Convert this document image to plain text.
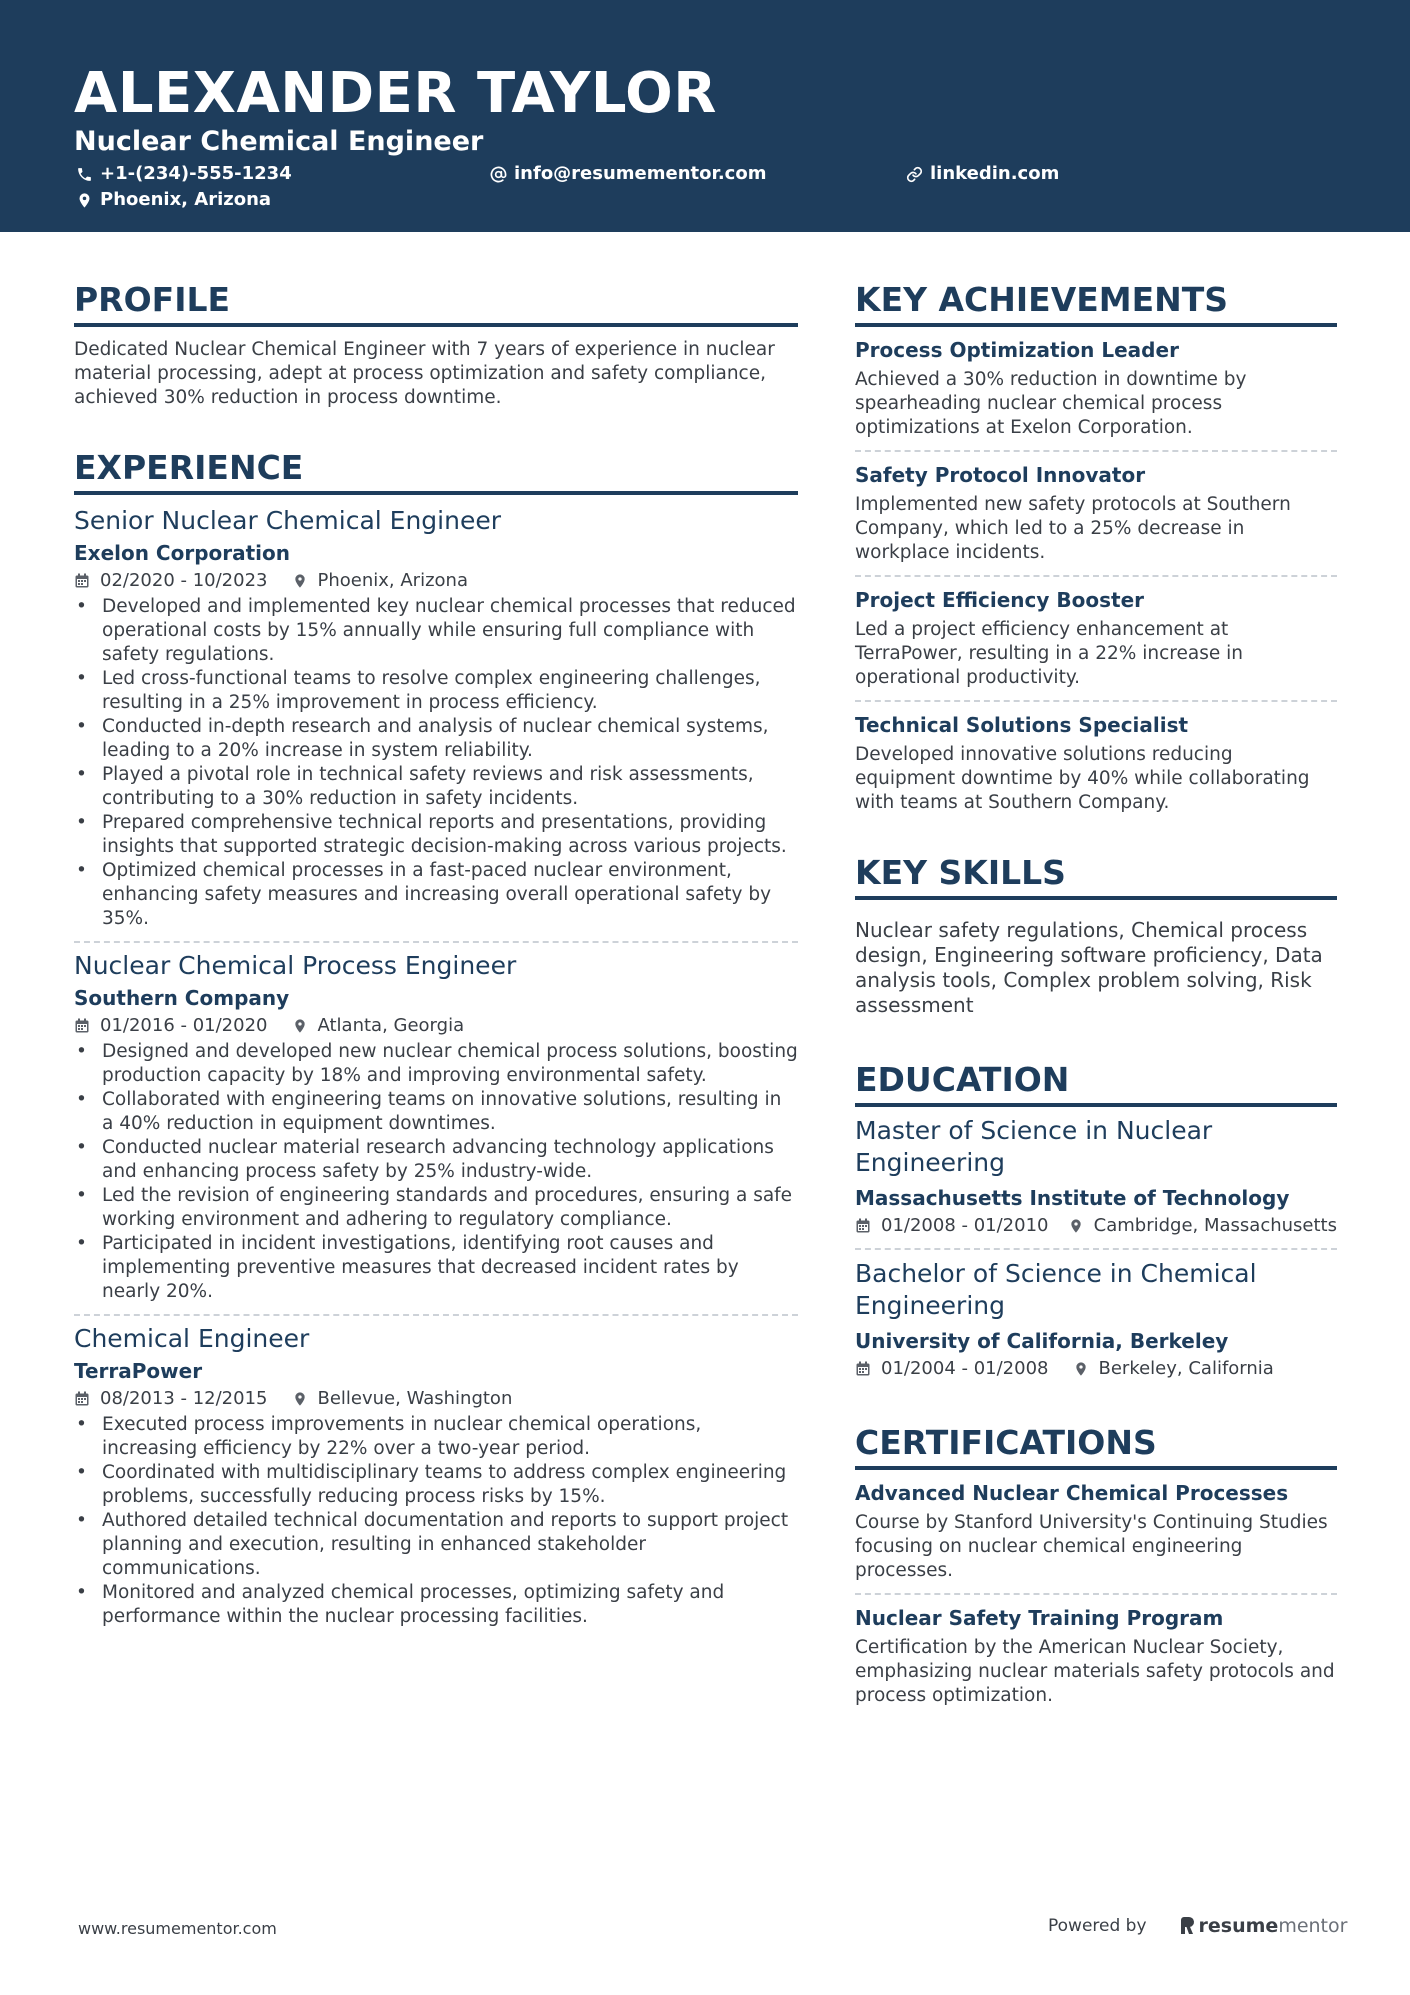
ALEXANDER TAYLOR
Nuclear Chemical Engineer
+1-(234)-555-1234	info@resumementor.com	linkedin.com
Phoenix, Arizona
PROFILE
Dedicated Nuclear Chemical Engineer with 7 years of experience in nuclear material processing, adept at process optimization and safety compliance, achieved 30% reduction in process downtime.
EXPERIENCE
Senior Nuclear Chemical Engineer
Exelon Corporation
02/2020 - 10/2023	Phoenix, Arizona
• Developed and implemented key nuclear chemical processes that reduced operational costs by 15% annually while ensuring full compliance with safety regulations.
• Led cross-functional teams to resolve complex engineering challenges, resulting in a 25% improvement in process efficiency.
• Conducted in-depth research and analysis of nuclear chemical systems, leading to a 20% increase in system reliability.
• Played a pivotal role in technical safety reviews and risk assessments, contributing to a 30% reduction in safety incidents.
• Prepared comprehensive technical reports and presentations, providing insights that supported strategic decision-making across various projects.
• Optimized chemical processes in a fast-paced nuclear environment, enhancing safety measures and increasing overall operational safety by 35%.
Nuclear Chemical Process Engineer
Southern Company
01/2016 - 01/2020	Atlanta, Georgia
• Designed and developed new nuclear chemical process solutions, boosting production capacity by 18% and improving environmental safety.
• Collaborated with engineering teams on innovative solutions, resulting in a 40% reduction in equipment downtimes.
• Conducted nuclear material research advancing technology applications and enhancing process safety by 25% industry-wide.
• Led the revision of engineering standards and procedures, ensuring a safe working environment and adhering to regulatory compliance.
• Participated in incident investigations, identifying root causes and implementing preventive measures that decreased incident rates by nearly 20%.
Chemical Engineer
TerraPower
08/2013 - 12/2015	Bellevue, Washington
• Executed process improvements in nuclear chemical operations, increasing efficiency by 22% over a two-year period.
• Coordinated with multidisciplinary teams to address complex engineering problems, successfully reducing process risks by 15%.
• Authored detailed technical documentation and reports to support project planning and execution, resulting in enhanced stakeholder communications.
• Monitored and analyzed chemical processes, optimizing safety and performance within the nuclear processing facilities.
KEY ACHIEVEMENTS
Process Optimization Leader
Achieved a 30% reduction in downtime by spearheading nuclear chemical process optimizations at Exelon Corporation.
Safety Protocol Innovator
Implemented new safety protocols at Southern Company, which led to a 25% decrease in workplace incidents.
Project Efficiency Booster
Led a project efficiency enhancement at TerraPower, resulting in a 22% increase in operational productivity.
Technical Solutions Specialist
Developed innovative solutions reducing equipment downtime by 40% while collaborating with teams at Southern Company.
KEY SKILLS
Nuclear safety regulations, Chemical process design, Engineering software proficiency, Data analysis tools, Complex problem solving, Risk assessment
EDUCATION
Master of Science in Nuclear Engineering
Massachusetts Institute of Technology
01/2008 - 01/2010	Cambridge, Massachusetts
Bachelor of Science in Chemical Engineering
University of California, Berkeley
01/2004 - 01/2008	Berkeley, California
CERTIFICATIONS
Advanced Nuclear Chemical Processes
Course by Stanford University's Continuing Studies focusing on nuclear chemical engineering processes.
Nuclear Safety Training Program
Certification by the American Nuclear Society, emphasizing nuclear materials safety protocols and process optimization.
www.resumementor.com	Powered by	resume mentor
